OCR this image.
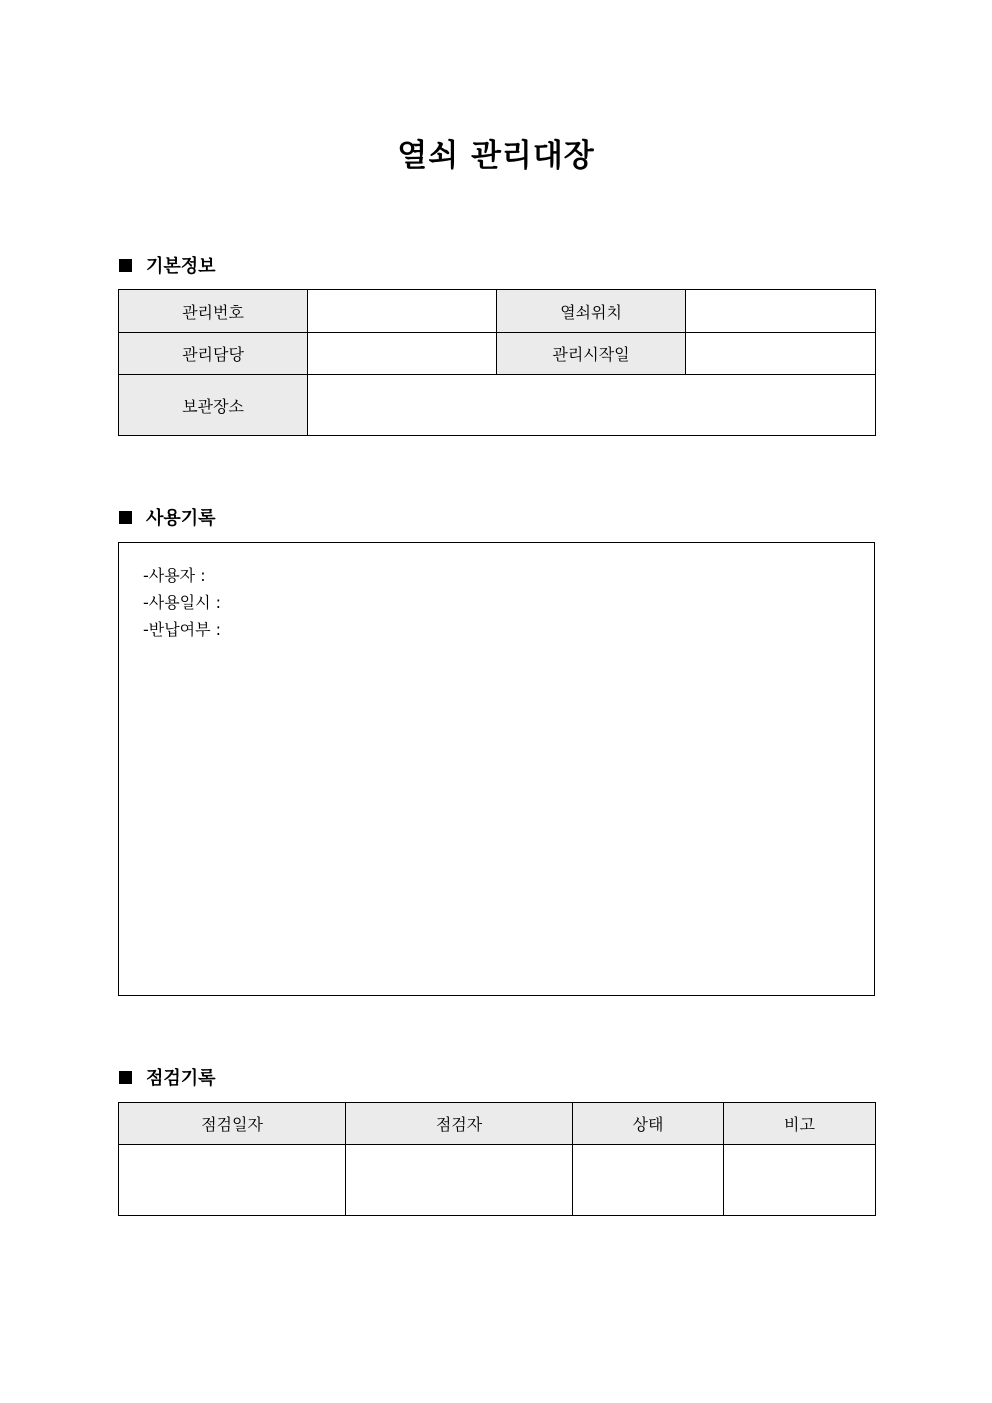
열쇠 관리대장
기본정보
관리번호		열쇠위치	
관리담당		관리시작일	
보관장소			
사용기록
-사용자 :
-사용일시 :
-반납여부 :
점검기록
점검일자	점검자	상태	비고
